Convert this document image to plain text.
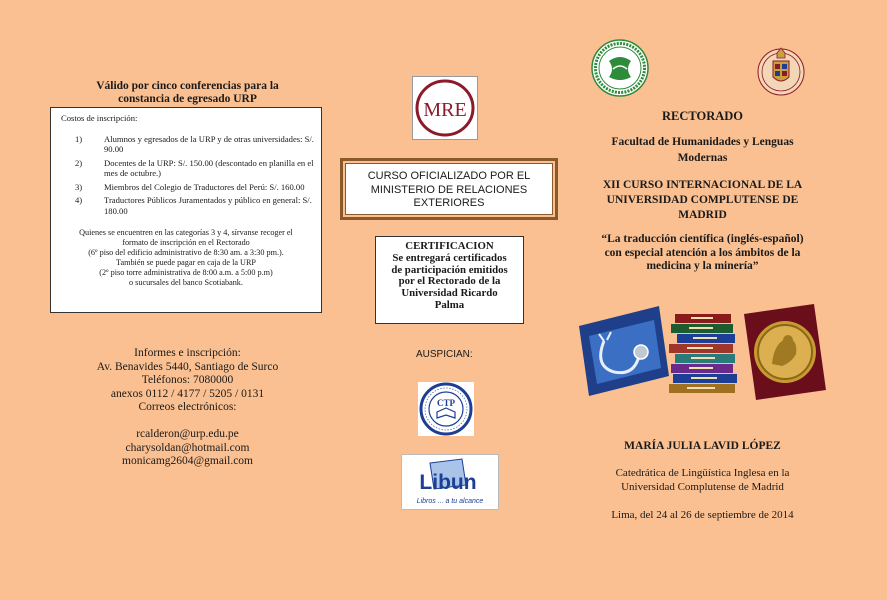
Válido por cinco conferencias para la
constancia de egresado URP
Costos de inscripción:
1)	Alumnos y egresados de la URP y de otras universidades: S/. 90.00
2)	Docentes de la URP: S/. 150.00 (descontado en planilla en el mes de octubre.)
3)	Miembros del Colegio de Traductores del Perú: S/. 160.00
4)	Traductores Públicos Juramentados y público en general: S/. 180.00
Quienes se encuentren en las categorías 3 y 4, sírvanse recoger el
formato de inscripción en el Rectorado
(6º piso del edificio administrativo de 8:30 am. a 3:30 pm.).
También se puede pagar en caja de la URP
(2º piso torre administrativa de 8:00 a.m. a 5:00 p.m)
o sucursales del banco Scotiabank.
Informes e inscripción:
Av. Benavides 5440, Santiago de Surco
Teléfonos: 7080000
anexos 0112 / 4177 / 5205 / 0131
Correos electrónicos:
rcalderon@urp.edu.pe
charysoldan@hotmail.com
monicamg2604@gmail.com
MRE
CURSO OFICIALIZADO POR EL
MINISTERIO DE RELACIONES
EXTERIORES
CERTIFICACION
Se entregará certificados
de participación emitidos
por el Rectorado de la
Universidad Ricardo
Palma
AUSPICIAN:
CTP
Libun
Libros ... a tu alcance
RECTORADO
Facultad de Humanidades y Lenguas
Modernas
XII CURSO INTERNACIONAL DE LA
UNIVERSIDAD COMPLUTENSE DE
MADRID
“La traducción científica (inglés-español)
con especial atención a los ámbitos de la
medicina y la minería”
MARÍA JULIA LAVID LÓPEZ
Catedrática de Lingüística Inglesa en la
Universidad Complutense de Madrid
Lima, del 24 al 26 de septiembre de 2014
